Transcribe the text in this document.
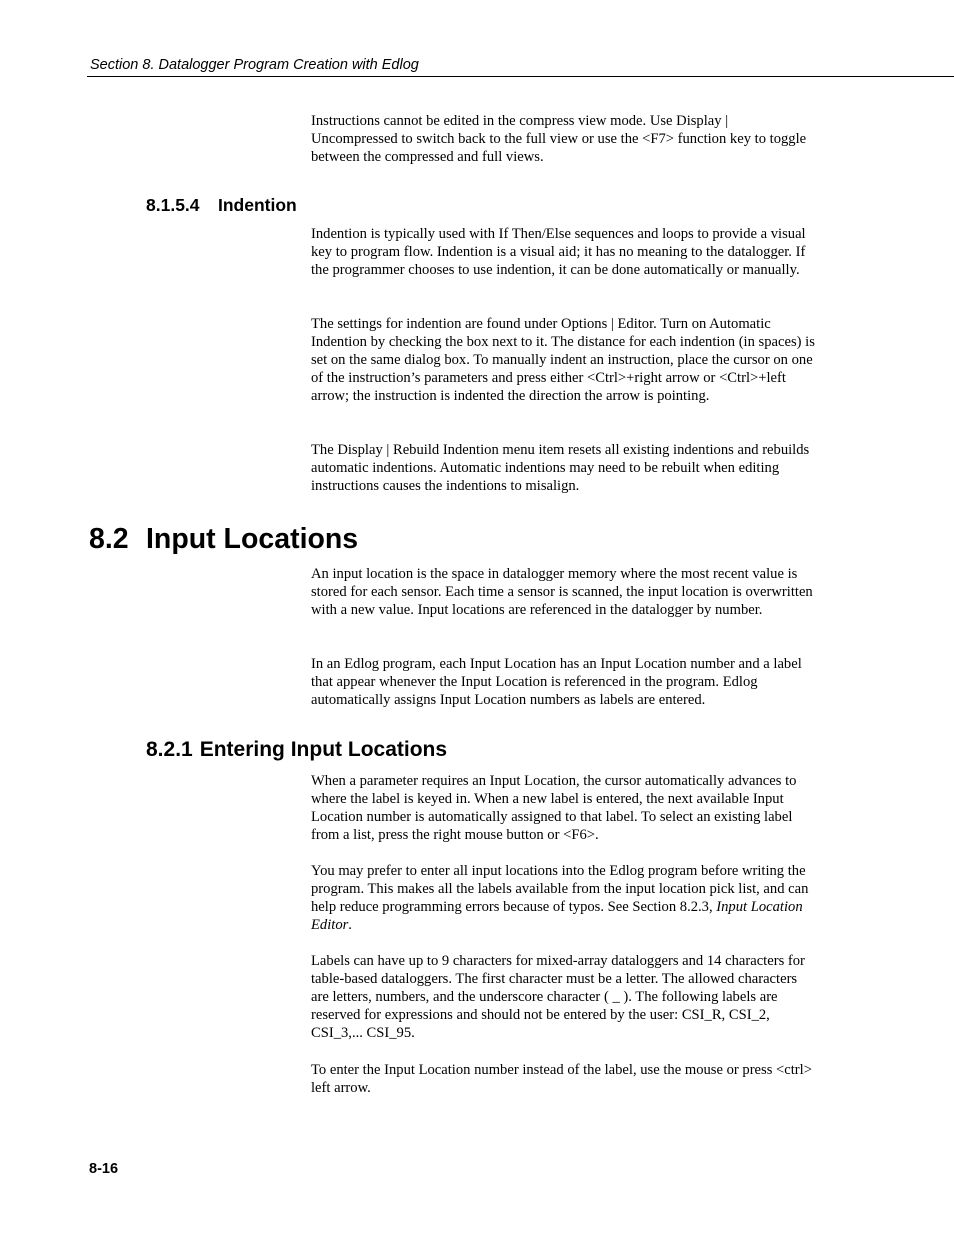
Section 8. Datalogger Program Creation with Edlog

Instructions cannot be edited in the compress view mode. Use Display | Uncompressed to switch back to the full view or use the <F7> function key to toggle between the compressed and full views.

8.1.5.4 Indention

Indention is typically used with If Then/Else sequences and loops to provide a visual key to program flow. Indention is a visual aid; it has no meaning to the datalogger. If the programmer chooses to use indention, it can be done automatically or manually.

The settings for indention are found under Options | Editor. Turn on Automatic Indention by checking the box next to it. The distance for each indention (in spaces) is set on the same dialog box. To manually indent an instruction, place the cursor on one of the instruction’s parameters and press either <Ctrl>+right arrow or <Ctrl>+left arrow; the instruction is indented the direction the arrow is pointing.

The Display | Rebuild Indention menu item resets all existing indentions and rebuilds automatic indentions. Automatic indentions may need to be rebuilt when editing instructions causes the indentions to misalign.

8.2 Input Locations

An input location is the space in datalogger memory where the most recent value is stored for each sensor. Each time a sensor is scanned, the input location is overwritten with a new value. Input locations are referenced in the datalogger by number.

In an Edlog program, each Input Location has an Input Location number and a label that appear whenever the Input Location is referenced in the program. Edlog automatically assigns Input Location numbers as labels are entered.

8.2.1 Entering Input Locations

When a parameter requires an Input Location, the cursor automatically advances to where the label is keyed in. When a new label is entered, the next available Input Location number is automatically assigned to that label. To select an existing label from a list, press the right mouse button or <F6>.

You may prefer to enter all input locations into the Edlog program before writing the program. This makes all the labels available from the input location pick list, and can help reduce programming errors because of typos. See Section 8.2.3, Input Location Editor.

Labels can have up to 9 characters for mixed-array dataloggers and 14 characters for table-based dataloggers. The first character must be a letter. The allowed characters are letters, numbers, and the underscore character ( _ ). The following labels are reserved for expressions and should not be entered by the user: CSI_R, CSI_2, CSI_3,... CSI_95.

To enter the Input Location number instead of the label, use the mouse or press <ctrl> left arrow.

8-16
